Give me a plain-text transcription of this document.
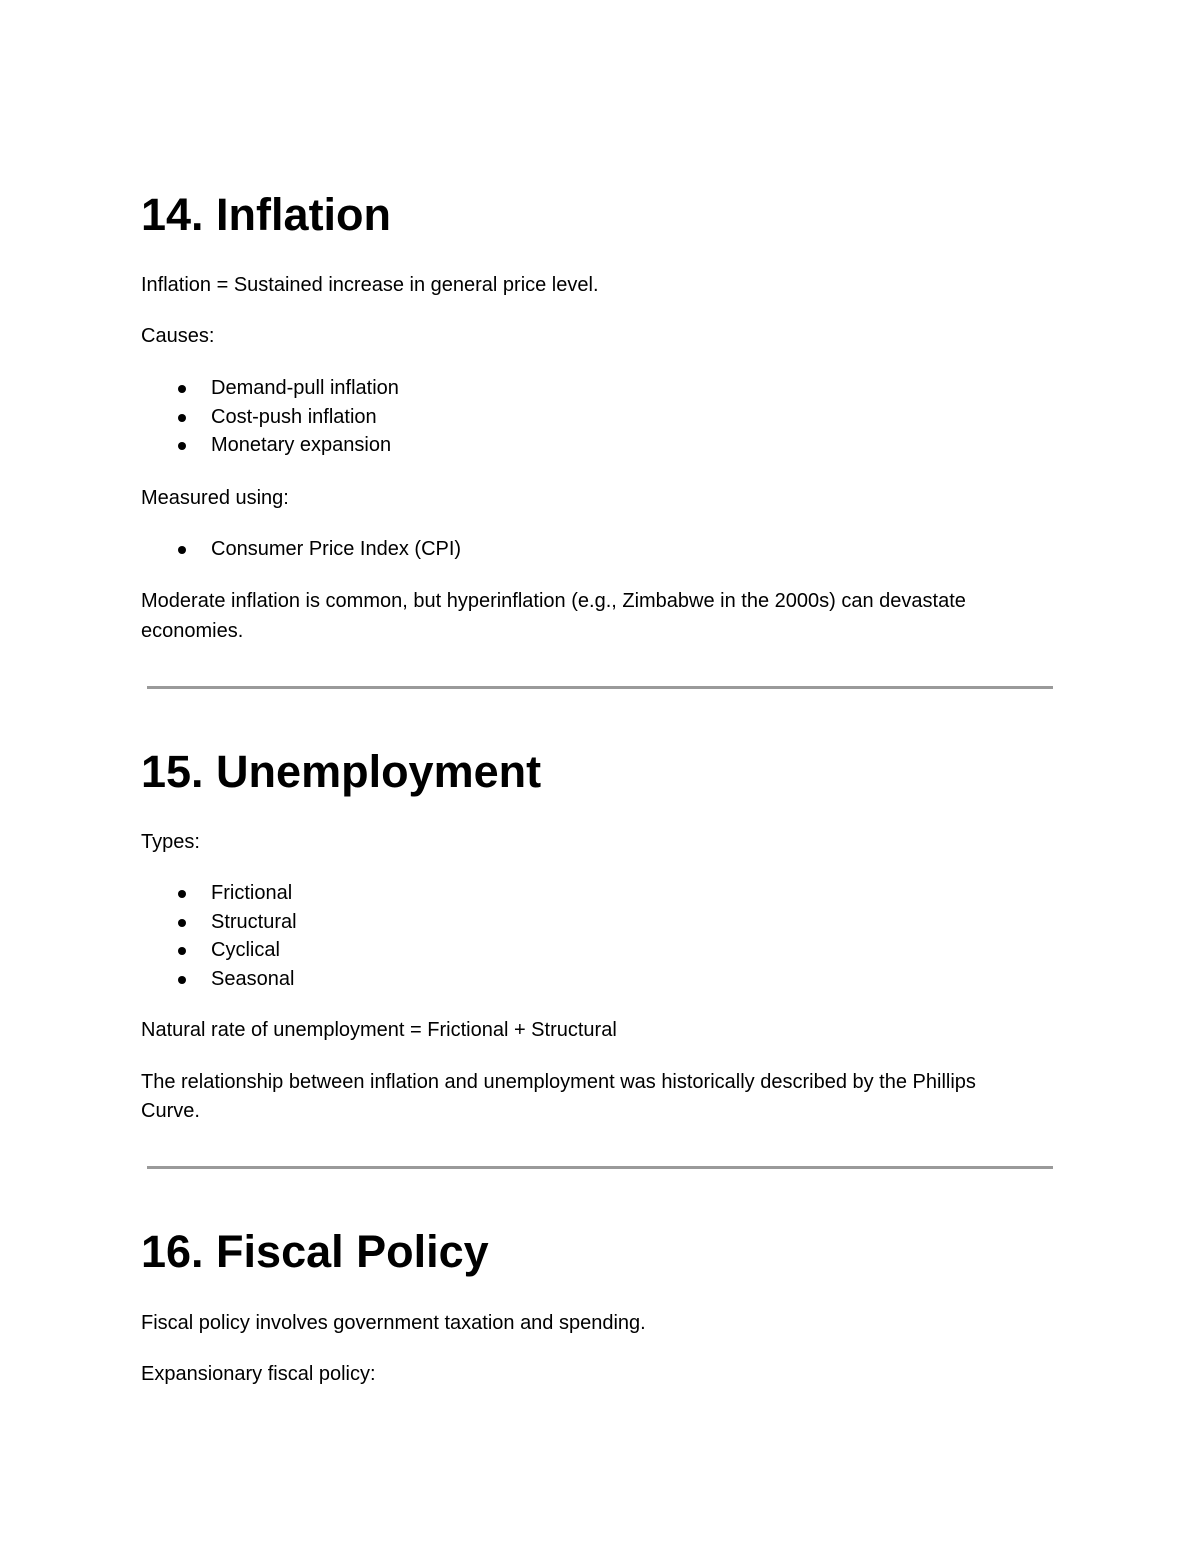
14. Inflation

Inflation = Sustained increase in general price level.

Causes:

Demand-pull inflation
Cost-push inflation
Monetary expansion

Measured using:

Consumer Price Index (CPI)

Moderate inflation is common, but hyperinflation (e.g., Zimbabwe in the 2000s) can devastate

economies.

15. Unemployment

Types:

Frictional
Structural
Cyclical
Seasonal

Natural rate of unemployment = Frictional + Structural

The relationship between inflation and unemployment was historically described by the Phillips

Curve.

16. Fiscal Policy

Fiscal policy involves government taxation and spending.

Expansionary fiscal policy:
